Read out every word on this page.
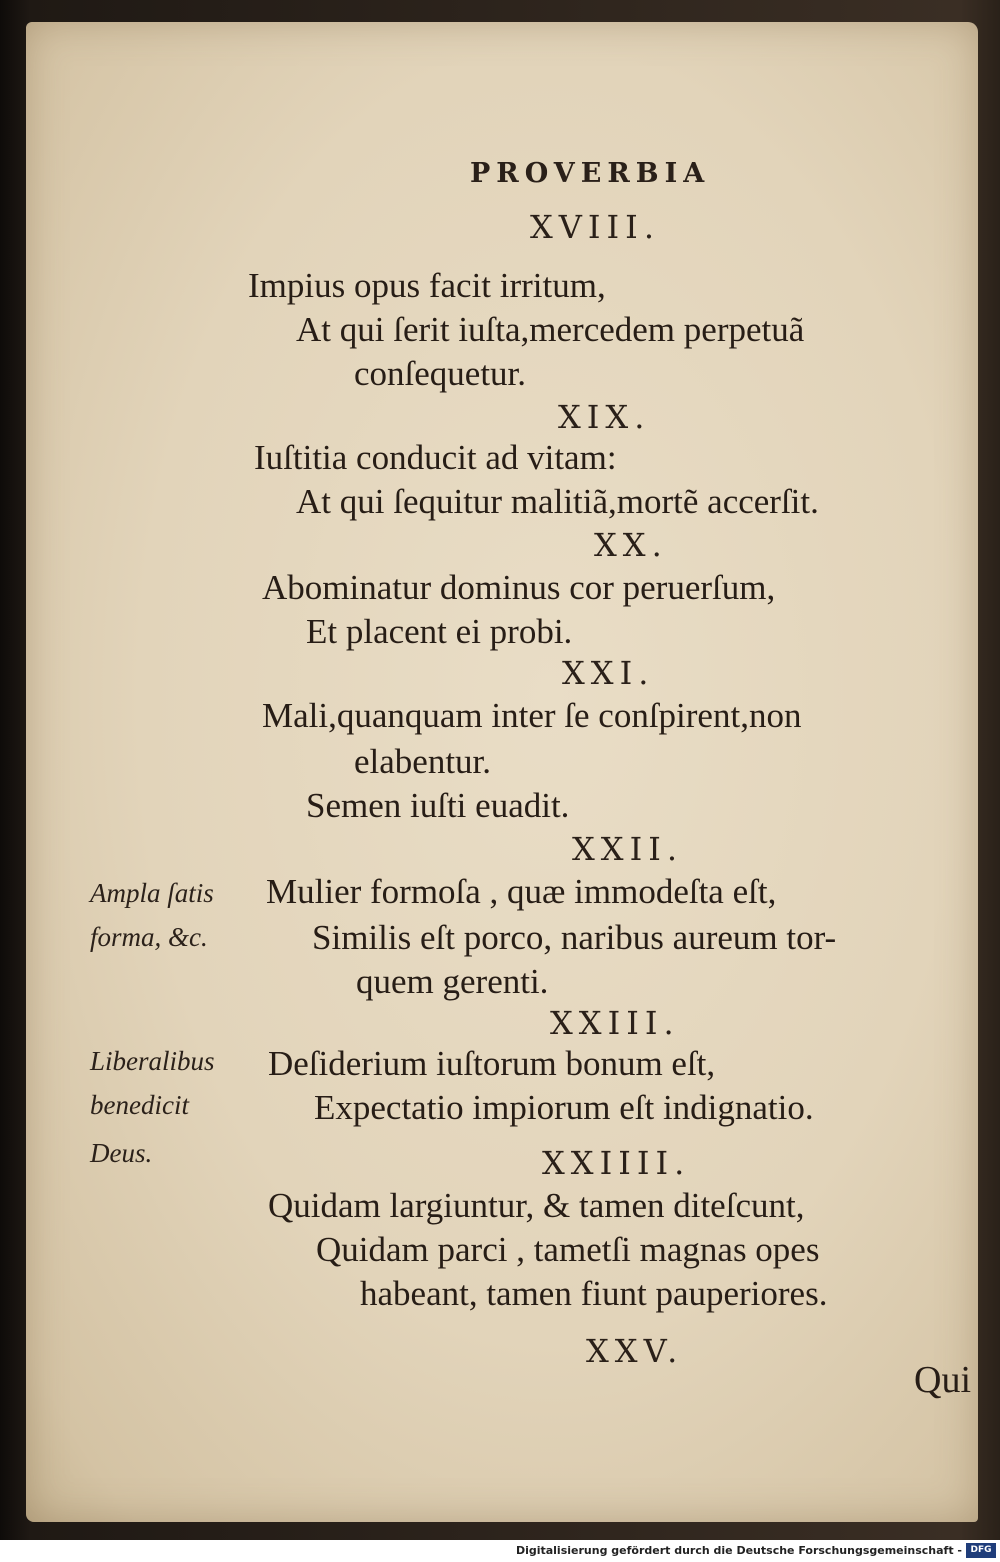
PROVERBIA
XVIII.
Impius opus facit irritum,
At qui ſerit iuſta,mercedem perpetuã
conſequetur.
XIX.
Iuſtitia conducit ad vitam:
At qui ſequitur malitiã,mortẽ accerſit.
XX.
Abominatur dominus cor peruerſum,
Et placent ei probi.
XXI.
Mali,quanquam inter ſe conſpirent,non
elabentur.
Semen iuſti euadit.
XXII.
Mulier formoſa , quæ immodeſta eſt,
Similis eſt porco, naribus aureum tor-
quem gerenti.
XXIII.
Deſiderium iuſtorum bonum eſt,
Expectatio impiorum eſt indignatio.
XXIIII.
Quidam largiuntur, & tamen diteſcunt,
Quidam parci , tametſi magnas opes
habeant, tamen fiunt pauperiores.
XXV.
Ampla ſatis
forma, &c.
Liberalibus
benedicit
Deus.
Qui
Digitalisierung gefördert durch die Deutsche Forschungsgemeinschaft - DFG
